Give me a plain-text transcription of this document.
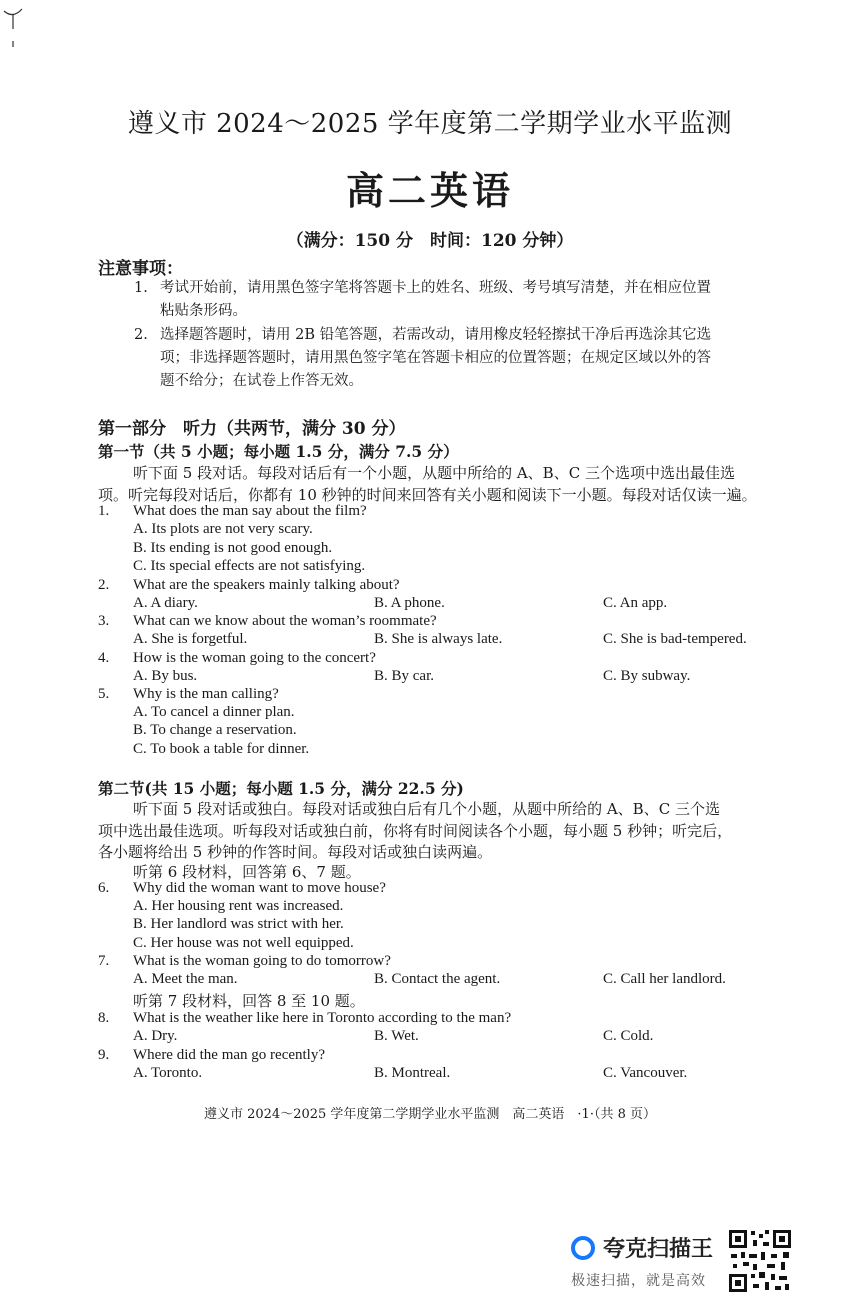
遵义市 2024～2025 学年度第二学期学业水平监测
高二英语
（满分：150 分　时间：120 分钟）
注意事项：
1. 考试开始前，请用黑色签字笔将答题卡上的姓名、班级、考号填写清楚，并在相应位置
粘贴条形码。
2. 选择题答题时，请用 2B 铅笔答题，若需改动，请用橡皮轻轻擦拭干净后再选涂其它选
项；非选择题答题时，请用黑色签字笔在答题卡相应的位置答题；在规定区域以外的答
题不给分；在试卷上作答无效。
第一部分　听力（共两节，满分 30 分）
第一节（共 5 小题；每小题 1.5 分，满分 7.5 分）
听下面 5 段对话。每段对话后有一个小题，从题中所给的 A、B、C 三个选项中选出最佳选
项。听完每段对话后，你都有 10 秒钟的时间来回答有关小题和阅读下一小题。每段对话仅读一遍。
1. What does the man say about the film?
A. Its plots are not very scary.
B. Its ending is not good enough.
C. Its special effects are not satisfying.
2. What are the speakers mainly talking about?
A. A diary.	B. A phone.	C. An app.
3. What can we know about the woman’s roommate?
A. She is forgetful.	B. She is always late.	C. She is bad-tempered.
4. How is the woman going to the concert?
A. By bus.	B. By car.	C. By subway.
5. Why is the man calling?
A. To cancel a dinner plan.
B. To change a reservation.
C. To book a table for dinner.
第二节(共 15 小题；每小题 1.5 分，满分 22.5 分)
听下面 5 段对话或独白。每段对话或独白后有几个小题，从题中所给的 A、B、C 三个选
项中选出最佳选项。听每段对话或独白前，你将有时间阅读各个小题，每小题 5 秒钟；听完后，
各小题将给出 5 秒钟的作答时间。每段对话或独白读两遍。
听第 6 段材料，回答第 6、7 题。
6. Why did the woman want to move house?
A. Her housing rent was increased.
B. Her landlord was strict with her.
C. Her house was not well equipped.
7. What is the woman going to do tomorrow?
A. Meet the man.	B. Contact the agent.	C. Call her landlord.
听第 7 段材料，回答 8 至 10 题。
8. What is the weather like here in Toronto according to the man?
A. Dry.	B. Wet.	C. Cold.
9. Where did the man go recently?
A. Toronto.	B. Montreal.	C. Vancouver.
遵义市 2024～2025 学年度第二学期学业水平监测　高二英语　·1·（共 8 页）
夸克扫描王
极速扫描，就是高效
